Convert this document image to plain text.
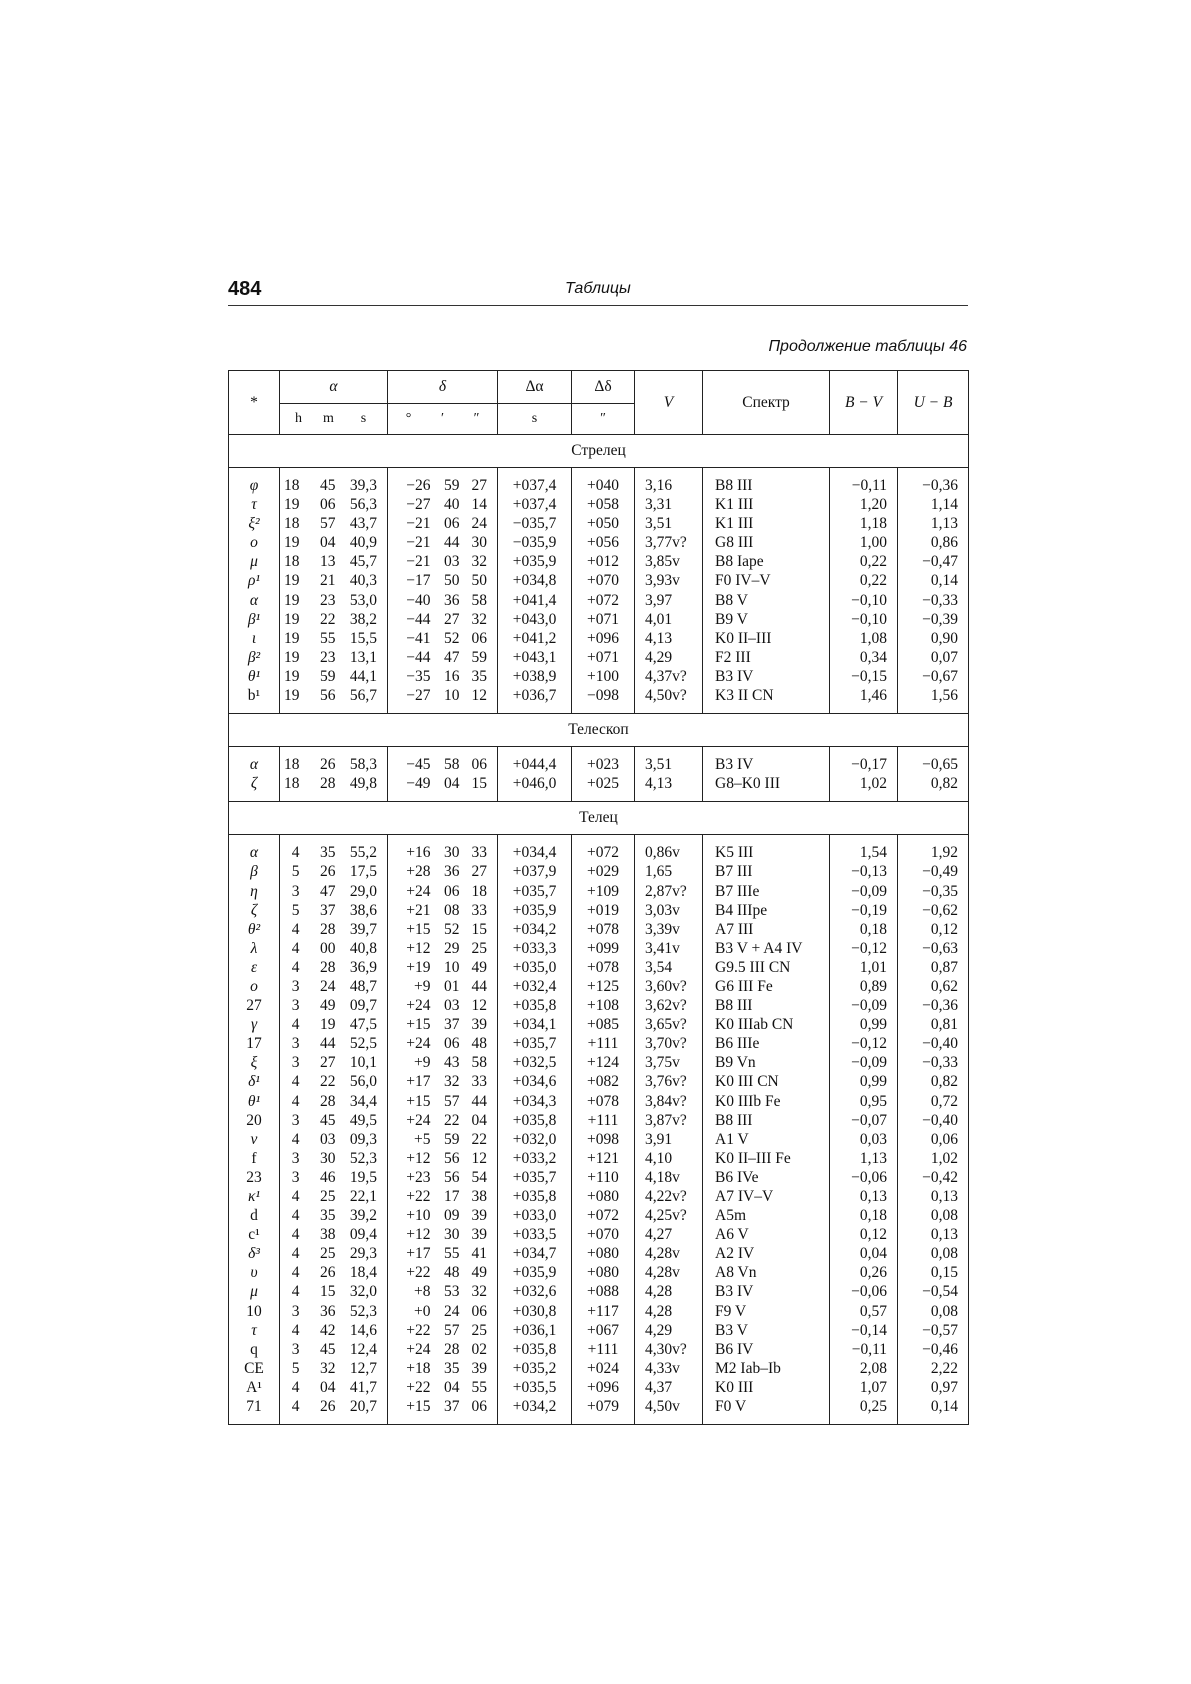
484	Таблицы
Продолжение таблицы 46
*	α			δ			Δα	Δδ	V	Спектр	B − V	U − B
	h m s			° ′ ″			s	″				
Стрелец												

φ	18	45	39,3	−26	59	27	+037,4	+040	3,16	B8 III	−0,11	−0,36
τ	19	06	56,3	−27	40	14	+037,4	+058	3,31	K1 III	1,20	1,14
ξ²	18	57	43,7	−21	06	24	−035,7	+050	3,51	K1 III	1,18	1,13
o	19	04	40,9	−21	44	30	−035,9	+056	3,77v?	G8 III	1,00	0,86
μ	18	13	45,7	−21	03	32	+035,9	+012	3,85v	B8 Iape	0,22	−0,47
ρ¹	19	21	40,3	−17	50	50	+034,8	+070	3,93v	F0 IV–V	0,22	0,14
α	19	23	53,0	−40	36	58	+041,4	+072	3,97	B8 V	−0,10	−0,33
β¹	19	22	38,2	−44	27	32	+043,0	+071	4,01	B9 V	−0,10	−0,39
ι	19	55	15,5	−41	52	06	+041,2	+096	4,13	K0 II–III	1,08	0,90
β²	19	23	13,1	−44	47	59	+043,1	+071	4,29	F2 III	0,34	0,07
θ¹	19	59	44,1	−35	16	35	+038,9	+100	4,37v?	B3 IV	−0,15	−0,67
b¹	19	56	56,7	−27	10	12	+036,7	−098	4,50v?	K3 II CN	1,46	1,56

Телескоп												

α	18	26	58,3	−45	58	06	+044,4	+023	3,51	B3 IV	−0,17	−0,65
ζ	18	28	49,8	−49	04	15	+046,0	+025	4,13	G8–K0 III	1,02	0,82

Телец												

α	4	35	55,2	+16	30	33	+034,4	+072	0,86v	K5 III	1,54	1,92
β	5	26	17,5	+28	36	27	+037,9	+029	1,65	B7 III	−0,13	−0,49
η	3	47	29,0	+24	06	18	+035,7	+109	2,87v?	B7 IIIe	−0,09	−0,35
ζ	5	37	38,6	+21	08	33	+035,9	+019	3,03v	B4 IIIpe	−0,19	−0,62
θ²	4	28	39,7	+15	52	15	+034,2	+078	3,39v	A7 III	0,18	0,12
λ	4	00	40,8	+12	29	25	+033,3	+099	3,41v	B3 V + A4 IV	−0,12	−0,63
ε	4	28	36,9	+19	10	49	+035,0	+078	3,54	G9.5 III CN	1,01	0,87
o	3	24	48,7	+9	01	44	+032,4	+125	3,60v?	G6 III Fe	0,89	0,62
27	3	49	09,7	+24	03	12	+035,8	+108	3,62v?	B8 III	−0,09	−0,36
γ	4	19	47,5	+15	37	39	+034,1	+085	3,65v?	K0 IIIab CN	0,99	0,81
17	3	44	52,5	+24	06	48	+035,7	+111	3,70v?	B6 IIIe	−0,12	−0,40
ξ	3	27	10,1	+9	43	58	+032,5	+124	3,75v	B9 Vn	−0,09	−0,33
δ¹	4	22	56,0	+17	32	33	+034,6	+082	3,76v?	K0 III CN	0,99	0,82
θ¹	4	28	34,4	+15	57	44	+034,3	+078	3,84v?	K0 IIIb Fe	0,95	0,72
20	3	45	49,5	+24	22	04	+035,8	+111	3,87v?	B8 III	−0,07	−0,40
ν	4	03	09,3	+5	59	22	+032,0	+098	3,91	A1 V	0,03	0,06
f	3	30	52,3	+12	56	12	+033,2	+121	4,10	K0 II–III Fe	1,13	1,02
23	3	46	19,5	+23	56	54	+035,7	+110	4,18v	B6 IVe	−0,06	−0,42
κ¹	4	25	22,1	+22	17	38	+035,8	+080	4,22v?	A7 IV–V	0,13	0,13
d	4	35	39,2	+10	09	39	+033,0	+072	4,25v?	A5m	0,18	0,08
c¹	4	38	09,4	+12	30	39	+033,5	+070	4,27	A6 V	0,12	0,13
δ³	4	25	29,3	+17	55	41	+034,7	+080	4,28v	A2 IV	0,04	0,08
υ	4	26	18,4	+22	48	49	+035,9	+080	4,28v	A8 Vn	0,26	0,15
μ	4	15	32,0	+8	53	32	+032,6	+088	4,28	B3 IV	−0,06	−0,54
10	3	36	52,3	+0	24	06	+030,8	+117	4,28	F9 V	0,57	0,08
τ	4	42	14,6	+22	57	25	+036,1	+067	4,29	B3 V	−0,14	−0,57
q	3	45	12,4	+24	28	02	+035,8	+111	4,30v?	B6 IV	−0,11	−0,46
CE	5	32	12,7	+18	35	39	+035,2	+024	4,33v	M2 Iab–Ib	2,08	2,22
A¹	4	04	41,7	+22	04	55	+035,5	+096	4,37	K0 III	1,07	0,97
71	4	26	20,7	+15	37	06	+034,2	+079	4,50v	F0 V	0,25	0,14
